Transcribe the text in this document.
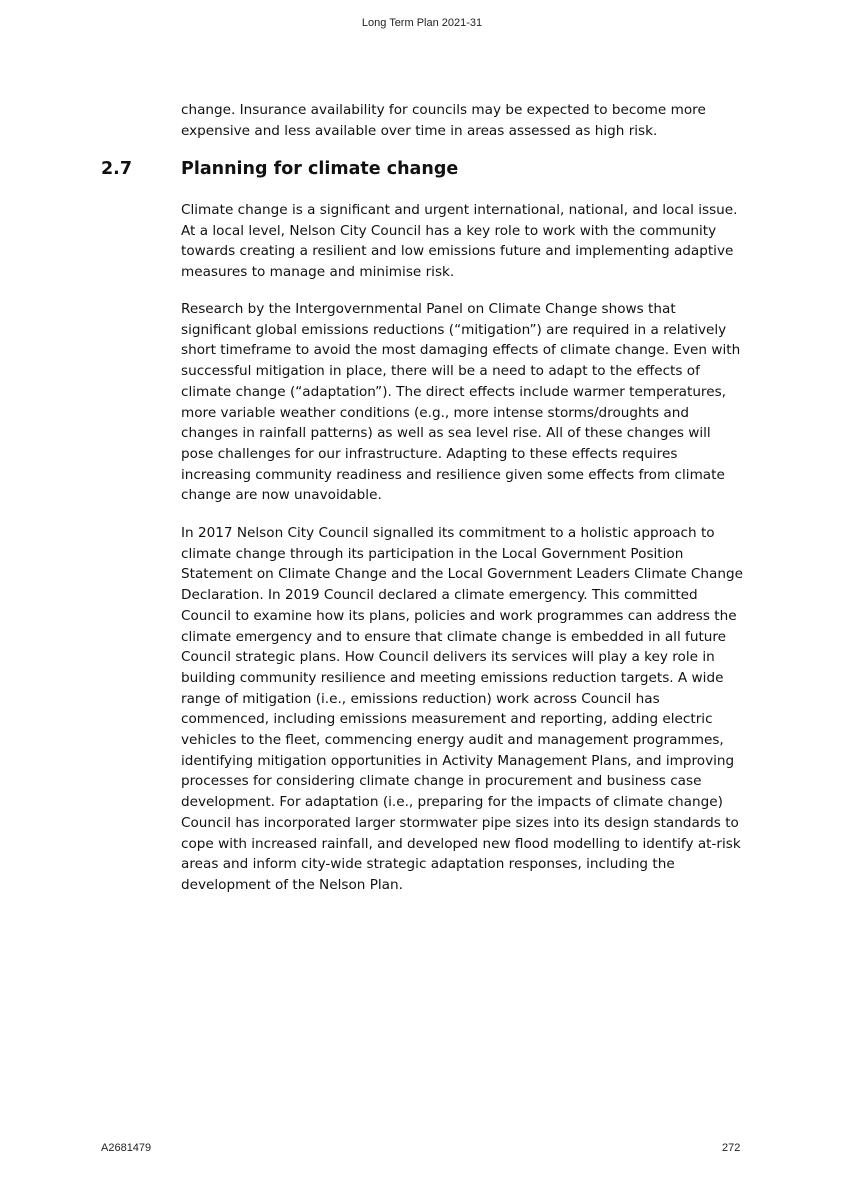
Long Term Plan 2021-31

change. Insurance availability for councils may be expected to become more expensive and less available over time in areas assessed as high risk.

2.7	Planning for climate change

Climate change is a significant and urgent international, national, and local issue. At a local level, Nelson City Council has a key role to work with the community towards creating a resilient and low emissions future and implementing adaptive measures to manage and minimise risk.

Research by the Intergovernmental Panel on Climate Change shows that significant global emissions reductions (“mitigation”) are required in a relatively short timeframe to avoid the most damaging effects of climate change. Even with successful mitigation in place, there will be a need to adapt to the effects of climate change (“adaptation”). The direct effects include warmer temperatures, more variable weather conditions (e.g., more intense storms/droughts and changes in rainfall patterns) as well as sea level rise. All of these changes will pose challenges for our infrastructure. Adapting to these effects requires increasing community readiness and resilience given some effects from climate change are now unavoidable.

In 2017 Nelson City Council signalled its commitment to a holistic approach to climate change through its participation in the Local Government Position Statement on Climate Change and the Local Government Leaders Climate Change Declaration. In 2019 Council declared a climate emergency. This committed Council to examine how its plans, policies and work programmes can address the climate emergency and to ensure that climate change is embedded in all future Council strategic plans. How Council delivers its services will play a key role in building community resilience and meeting emissions reduction targets. A wide range of mitigation (i.e., emissions reduction) work across Council has commenced, including emissions measurement and reporting, adding electric vehicles to the fleet, commencing energy audit and management programmes, identifying mitigation opportunities in Activity Management Plans, and improving processes for considering climate change in procurement and business case development. For adaptation (i.e., preparing for the impacts of climate change) Council has incorporated larger stormwater pipe sizes into its design standards to cope with increased rainfall, and developed new flood modelling to identify at-risk areas and inform city-wide strategic adaptation responses, including the development of the Nelson Plan.

A2681479	272
